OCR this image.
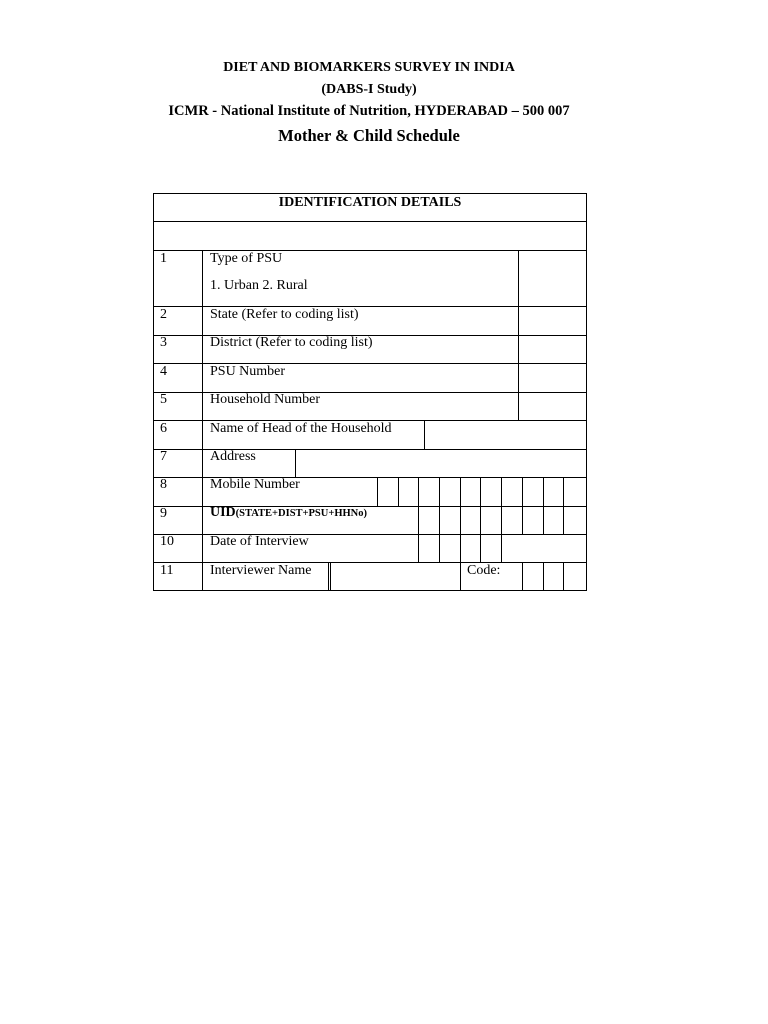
DIET AND BIOMARKERS SURVEY IN INDIA
(DABS-I Study)
ICMR - National Institute of Nutrition, HYDERABAD – 500 007
Mother & Child Schedule
IDENTIFICATION DETAILS
1	Type of PSU
1. Urban 2. Rural
2	State (Refer to coding list)
3	District (Refer to coding list)
4	PSU Number
5	Household Number
6	Name of Head of the Household
7	Address
8	Mobile Number
9	UID(STATE+DIST+PSU+HHNo)
10	Date of Interview
11	Interviewer Name	Code:
